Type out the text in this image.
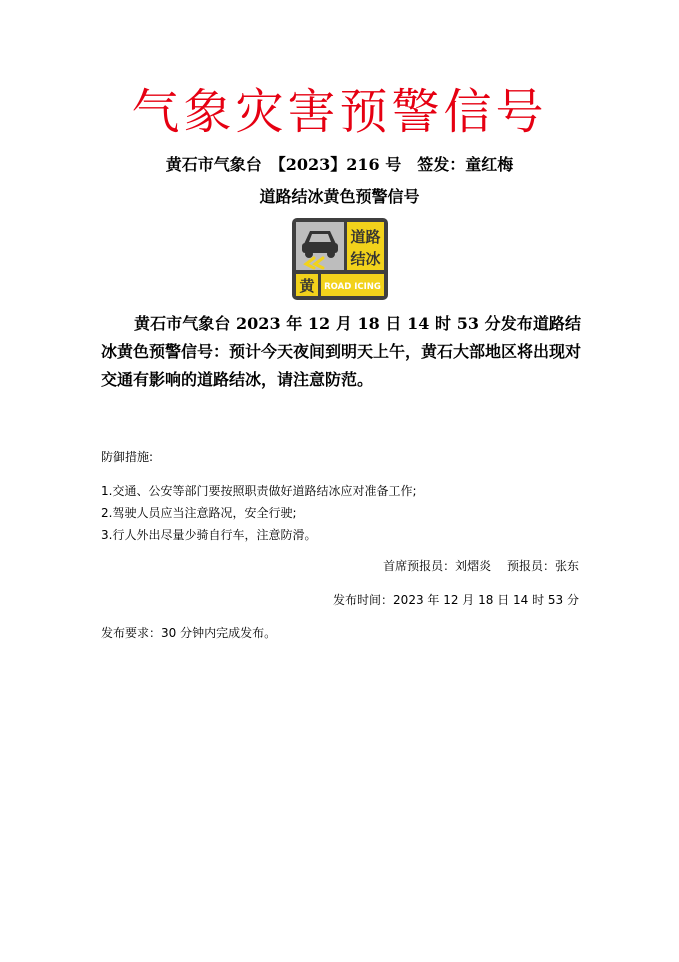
气象灾害预警信号
黄石市气象台　【2023】216 号　签发：童红梅
道路结冰黄色预警信号
道路
结冰
黄 ROAD ICING
黄石市气象台 2023 年 12 月 18 日 14 时 53 分发布道路结冰黄色预警信号：预计今天夜间到明天上午，黄石大部地区将出现对交通有影响的道路结冰，请注意防范。
防御措施:
1.交通、公安等部门要按照职责做好道路结冰应对准备工作;
2.驾驶人员应当注意路况，安全行驶;
3.行人外出尽量少骑自行车，注意防滑。
首席预报员：刘熠炎　 预报员：张东
发布时间：2023 年 12 月 18 日 14 时 53 分
发布要求：30 分钟内完成发布。
